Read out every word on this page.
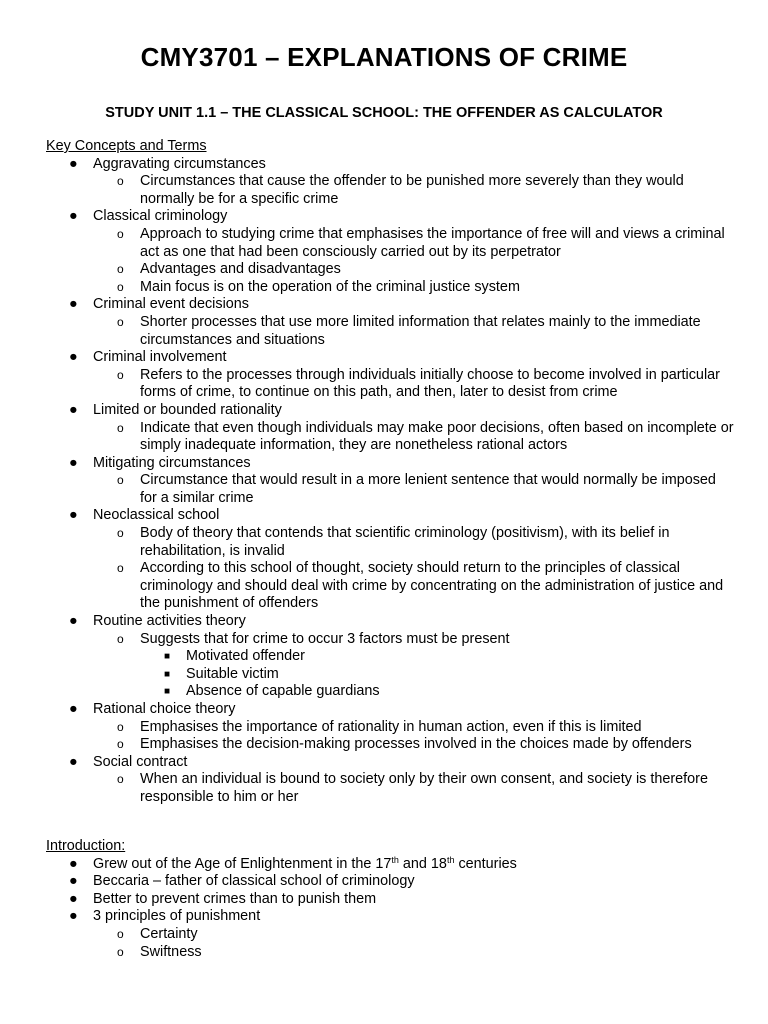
CMY3701 – EXPLANATIONS OF CRIME
STUDY UNIT 1.1 – THE CLASSICAL SCHOOL: THE OFFENDER AS CALCULATOR
Key Concepts and Terms
● Aggravating circumstances
o Circumstances that cause the offender to be punished more severely than they would normally be for a specific crime
● Classical criminology
o Approach to studying crime that emphasises the importance of free will and views a criminal act as one that had been consciously carried out by its perpetrator
o Advantages and disadvantages
o Main focus is on the operation of the criminal justice system
● Criminal event decisions
o Shorter processes that use more limited information that relates mainly to the immediate circumstances and situations
● Criminal involvement
o Refers to the processes through individuals initially choose to become involved in particular forms of crime, to continue on this path, and then, later to desist from crime
● Limited or bounded rationality
o Indicate that even though individuals may make poor decisions, often based on incomplete or simply inadequate information, they are nonetheless rational actors
● Mitigating circumstances
o Circumstance that would result in a more lenient sentence that would normally be imposed for a similar crime
● Neoclassical school
o Body of theory that contends that scientific criminology (positivism), with its belief in rehabilitation, is invalid
o According to this school of thought, society should return to the principles of classical criminology and should deal with crime by concentrating on the administration of justice and the punishment of offenders
● Routine activities theory
o Suggests that for crime to occur 3 factors must be present
■ Motivated offender
■ Suitable victim
■ Absence of capable guardians
● Rational choice theory
o Emphasises the importance of rationality in human action, even if this is limited
o Emphasises the decision-making processes involved in the choices made by offenders
● Social contract
o When an individual is bound to society only by their own consent, and society is therefore responsible to him or her
Introduction:
● Grew out of the Age of Enlightenment in the 17th and 18th centuries
● Beccaria – father of classical school of criminology
● Better to prevent crimes than to punish them
● 3 principles of punishment
o Certainty
o Swiftness
